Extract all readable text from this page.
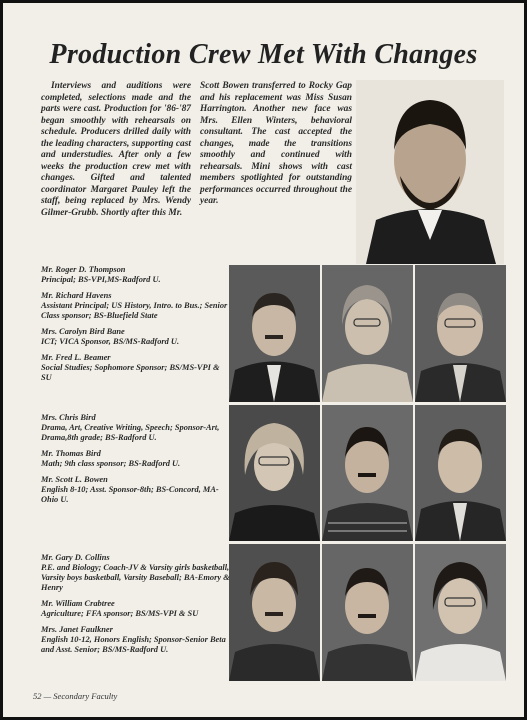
Production Crew Met With Changes

Interviews and auditions were completed, selections made and the parts were cast. Production for '86-'87 began smoothly with rehearsals on schedule. Producers drilled daily with the leading characters, supporting cast and understudies. After only a few weeks the production crew met with changes. Gifted and talented coordinator Margaret Pauley left the staff, being replaced by Mrs. Wendy Gilmer-Grubb. Shortly after this Mr.

Scott Bowen transferred to Rocky Gap and his replacement was Miss Susan Harrington. Another new face was Mrs. Ellen Winters, behavioral consultant. The cast accepted the changes, made the transitions smoothly and continued with rehearsals. Mini shows with cast members spotlighted for outstanding performances occurred throughout the year.

Mr. Roger D. Thompson
Principal; BS-VPI,MS-Radford U.

Mr. Richard Havens
Assistant Principal; US History, Intro. to Bus.; Senior Class sponsor; BS-Bluefield State

Mrs. Carolyn Bird Bane
ICT; VICA Sponsor, BS/MS-Radford U.

Mr. Fred L. Beamer
Social Studies; Sophomore Sponsor; BS/MS-VPI & SU

Mrs. Chris Bird
Drama, Art, Creative Writing, Speech; Sponsor-Art, Drama,8th grade; BS-Radford U.

Mr. Thomas Bird
Math; 9th class sponsor; BS-Radford U.

Mr. Scott L. Bowen
English 8-10; Asst. Sponsor-8th; BS-Concord, MA-Ohio U.

Mr. Gary D. Collins
P.E. and Biology; Coach-JV & Varsity girls basketball, Varsity boys basketball, Varsity Baseball; BA-Emory & Henry

Mr. William Crabtree
Agriculture; FFA sponsor; BS/MS-VPI & SU

Mrs. Janet Faulkner
English 10-12, Honors English; Sponsor-Senior Beta and Asst. Senior; BS/MS-Radford U.

52 — Secondary Faculty
